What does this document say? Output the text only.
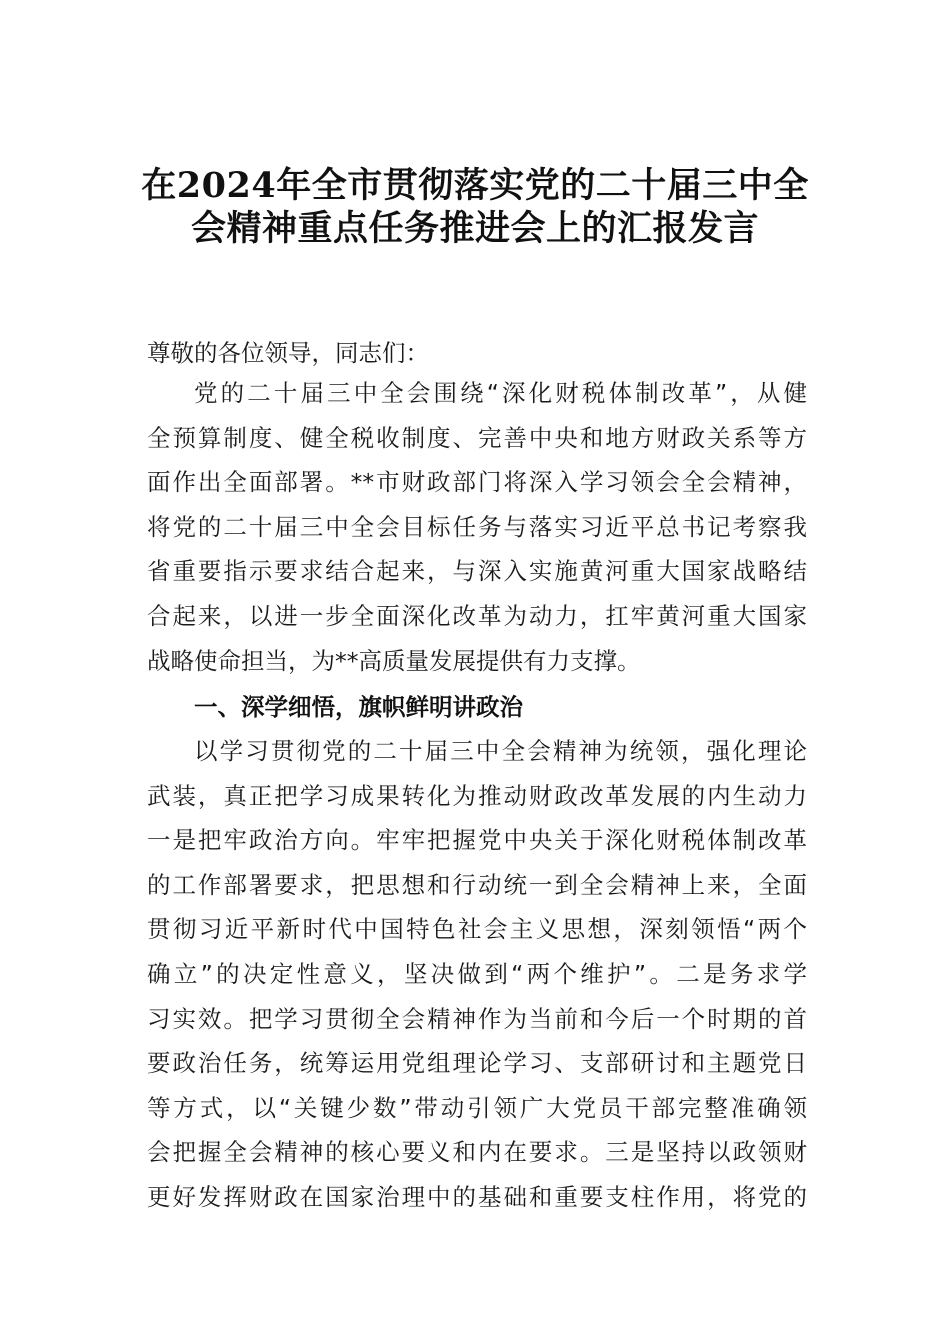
在2024年全市贯彻落实党的二十届三中全
会精神重点任务推进会上的汇报发言
尊敬的各位领导，同志们：
党的二十届三中全会围绕“深化财税体制改革”，从健
全预算制度、健全税收制度、完善中央和地方财政关系等方
面作出全面部署。**市财政部门将深入学习领会全会精神，
将党的二十届三中全会目标任务与落实习近平总书记考察我
省重要指示要求结合起来，与深入实施黄河重大国家战略结
合起来，以进一步全面深化改革为动力，扛牢黄河重大国家
战略使命担当，为**高质量发展提供有力支撑。
一、深学细悟，旗帜鲜明讲政治
以学习贯彻党的二十届三中全会精神为统领，强化理论
武装，真正把学习成果转化为推动财政改革发展的内生动力
一是把牢政治方向。牢牢把握党中央关于深化财税体制改革
的工作部署要求，把思想和行动统一到全会精神上来，全面
贯彻习近平新时代中国特色社会主义思想，深刻领悟“两个
确立”的决定性意义，坚决做到“两个维护”。二是务求学
习实效。把学习贯彻全会精神作为当前和今后一个时期的首
要政治任务，统筹运用党组理论学习、支部研讨和主题党日
等方式，以“关键少数”带动引领广大党员干部完整准确领
会把握全会精神的核心要义和内在要求。三是坚持以政领财
更好发挥财政在国家治理中的基础和重要支柱作用，将党的
